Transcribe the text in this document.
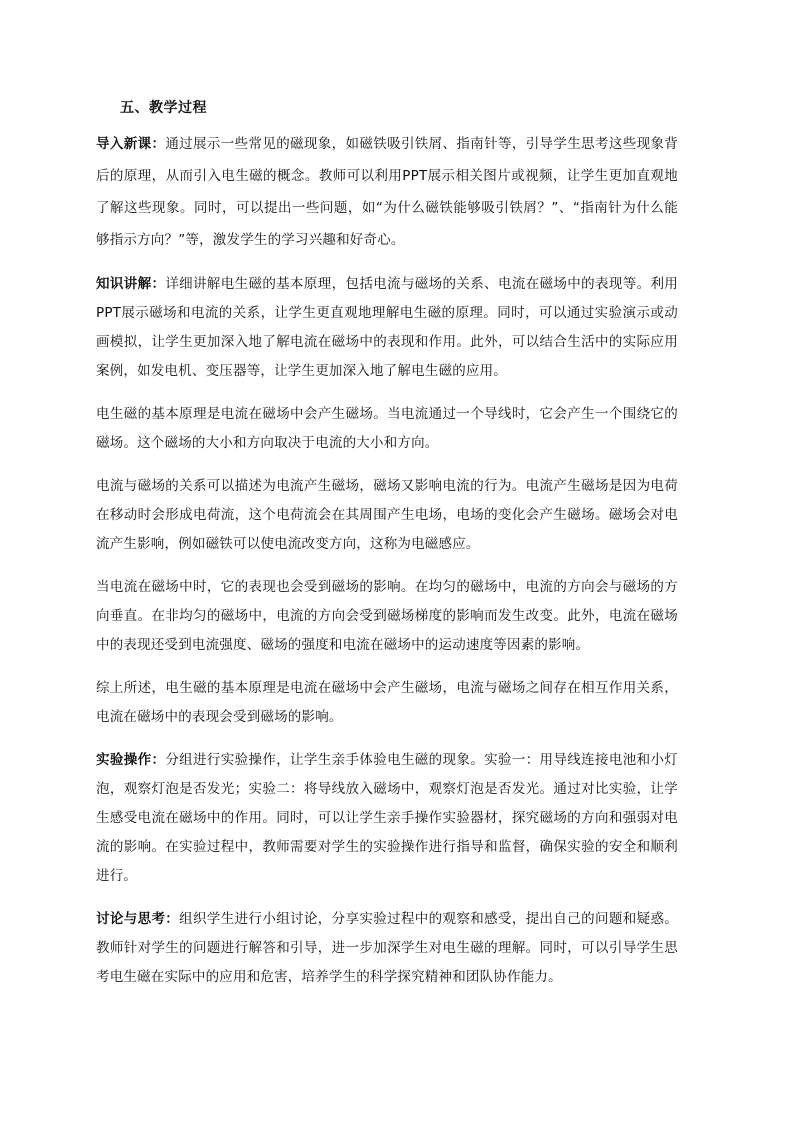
五、教学过程

导入新课：通过展示一些常见的磁现象，如磁铁吸引铁屑、指南针等，引导学生思考这些现象背后的原理，从而引入电生磁的概念。教师可以利用PPT展示相关图片或视频，让学生更加直观地了解这些现象。同时，可以提出一些问题，如“为什么磁铁能够吸引铁屑？”、“指南针为什么能够指示方向？”等，激发学生的学习兴趣和好奇心。

知识讲解：详细讲解电生磁的基本原理，包括电流与磁场的关系、电流在磁场中的表现等。利用PPT展示磁场和电流的关系，让学生更直观地理解电生磁的原理。同时，可以通过实验演示或动画模拟，让学生更加深入地了解电流在磁场中的表现和作用。此外，可以结合生活中的实际应用案例，如发电机、变压器等，让学生更加深入地了解电生磁的应用。

电生磁的基本原理是电流在磁场中会产生磁场。当电流通过一个导线时，它会产生一个围绕它的磁场。这个磁场的大小和方向取决于电流的大小和方向。

电流与磁场的关系可以描述为电流产生磁场，磁场又影响电流的行为。电流产生磁场是因为电荷在移动时会形成电荷流，这个电荷流会在其周围产生电场，电场的变化会产生磁场。磁场会对电流产生影响，例如磁铁可以使电流改变方向，这称为电磁感应。

当电流在磁场中时，它的表现也会受到磁场的影响。在均匀的磁场中，电流的方向会与磁场的方向垂直。在非均匀的磁场中，电流的方向会受到磁场梯度的影响而发生改变。此外，电流在磁场中的表现还受到电流强度、磁场的强度和电流在磁场中的运动速度等因素的影响。

综上所述，电生磁的基本原理是电流在磁场中会产生磁场，电流与磁场之间存在相互作用关系，电流在磁场中的表现会受到磁场的影响。

实验操作：分组进行实验操作，让学生亲手体验电生磁的现象。实验一：用导线连接电池和小灯泡，观察灯泡是否发光；实验二：将导线放入磁场中，观察灯泡是否发光。通过对比实验，让学生感受电流在磁场中的作用。同时，可以让学生亲手操作实验器材，探究磁场的方向和强弱对电流的影响。在实验过程中，教师需要对学生的实验操作进行指导和监督，确保实验的安全和顺利进行。

讨论与思考：组织学生进行小组讨论，分享实验过程中的观察和感受，提出自己的问题和疑惑。教师针对学生的问题进行解答和引导，进一步加深学生对电生磁的理解。同时，可以引导学生思考电生磁在实际中的应用和危害，培养学生的科学探究精神和团队协作能力。
